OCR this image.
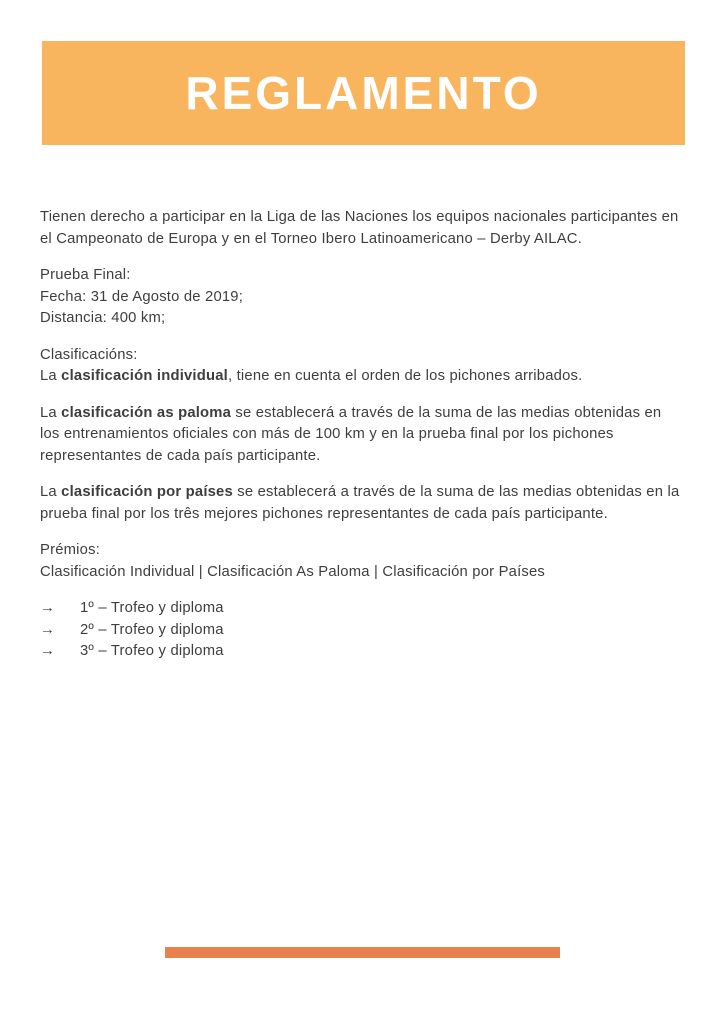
REGLAMENTO

Tienen derecho a participar en la Liga de las Naciones los equipos nacionales participantes en el Campeonato de Europa y en el Torneo Ibero Latinoamericano – Derby AILAC.

Prueba Final:
Fecha: 31 de Agosto de 2019;
Distancia: 400 km;

Clasificacións:
La clasificación individual, tiene en cuenta el orden de los pichones arribados.

La clasificación as paloma se establecerá a través de la suma de las medias obtenidas en los entrenamientos oficiales con más de 100 km y en la prueba final por los pichones representantes de cada país participante.

La clasificación por países se establecerá a través de la suma de las medias obtenidas en la prueba final por los três mejores pichones representantes de cada país participante.

Prémios:
Clasificación Individual | Clasificación As Paloma | Clasificación por Países

→	1º – Trofeo y diploma
→	2º – Trofeo y diploma
→	3º – Trofeo y diploma
